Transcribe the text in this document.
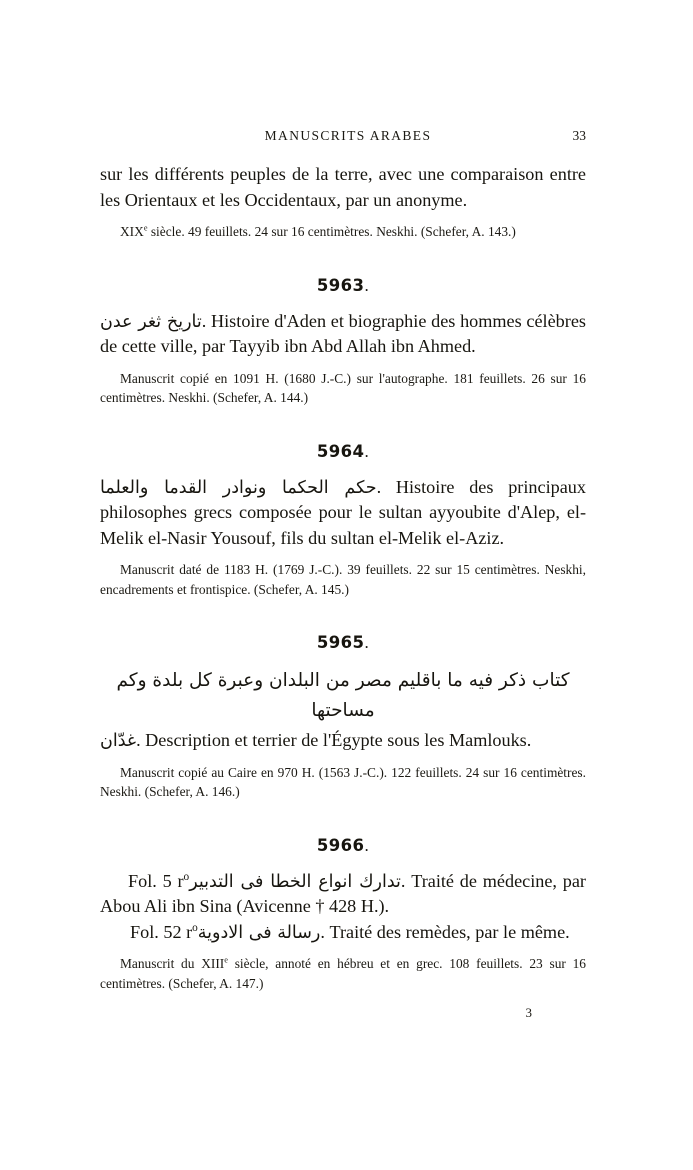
MANUSCRITS ARABES	33

sur les différents peuples de la terre, avec une comparaison entre les Orientaux et les Occidentaux, par un anonyme.

XIXe siècle. 49 feuillets. 24 sur 16 centimètres. Neskhi. (Schefer, A. 143.)

5963.

تاريخ ثغر عدن. Histoire d'Aden et biographie des hommes célèbres de cette ville, par Tayyib ibn Abd Allah ibn Ahmed.

Manuscrit copié en 1091 H. (1680 J.-C.) sur l'autographe. 181 feuillets. 26 sur 16 centimètres. Neskhi. (Schefer, A. 144.)

5964.

حكم الحكما ونوادر القدما والعلما. Histoire des principaux philosophes grecs composée pour le sultan ayyoubite d'Alep, el-Melik el-Nasir Yousouf, fils du sultan el-Melik el-Aziz.

Manuscrit daté de 1183 H. (1769 J.-C.). 39 feuillets. 22 sur 15 centimètres. Neskhi, encadrements et frontispice. (Schefer, A. 145.)

5965.
كتاب ذكر فيه ما باقليم مصر من البلدان وعبرة كل بلدة وكم مساحتها

غدّان. Description et terrier de l'Égypte sous les Mamlouks.

Manuscrit copié au Caire en 970 H. (1563 J.-C.). 122 feuillets. 24 sur 16 centimètres. Neskhi. (Schefer, A. 146.)

5966.

Fol. 5 $r^oتدارك$ انواع الخطا فى التدبير. Traité de médecine, par Abou Ali ibn Sina (Avicenne † 428 H.).

Fol. 52 $r^oرسالة$ فى الادوية. Traité des remèdes, par le même.

Manuscrit du XIIIe siècle, annoté en hébreu et en grec. 108 feuillets. 23 sur 16 centimètres. (Schefer, A. 147.)

3
